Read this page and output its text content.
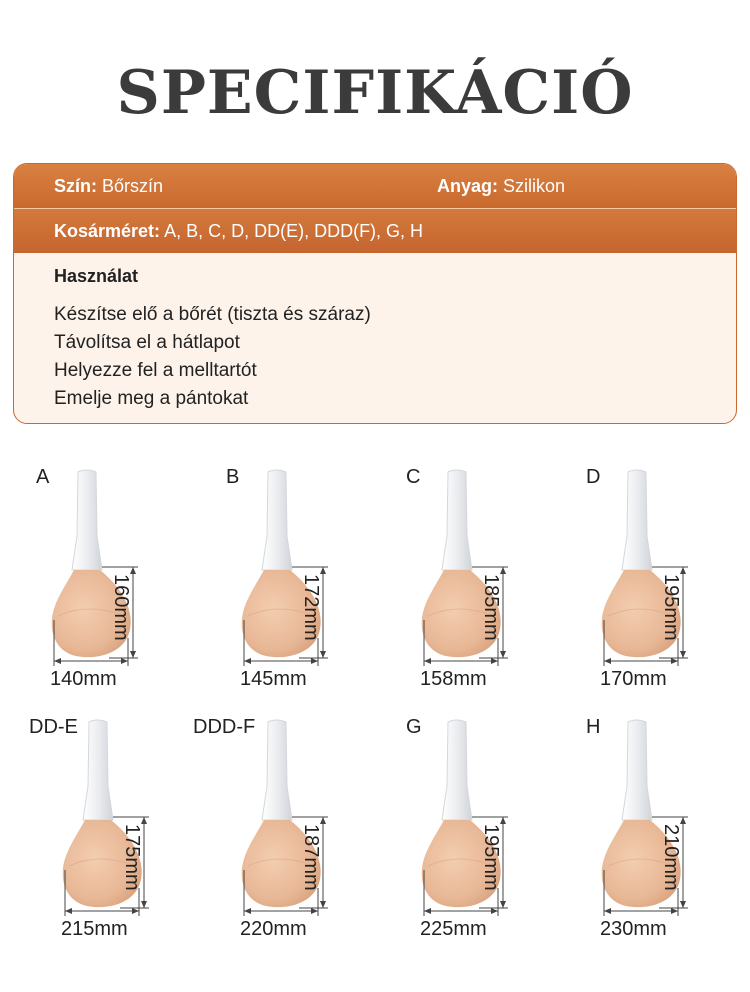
SPECIFIKÁCIÓ
Szín: Bőrszín	Anyag: Szilikon
Kosárméret: A, B, C, D, DD(E), DDD(F), G, H
Használat
Készítse elő a bőrét (tiszta és száraz)
Távolítsa el a hátlapot
Helyezze fel a melltartót
Emelje meg a pántokat
A
160mm
140mm
B
172mm
145mm
C
185mm
158mm
D
195mm
170mm
DD-E
175mm
215mm
DDD-F
187mm
220mm
G
195mm
225mm
H
210mm
230mm
